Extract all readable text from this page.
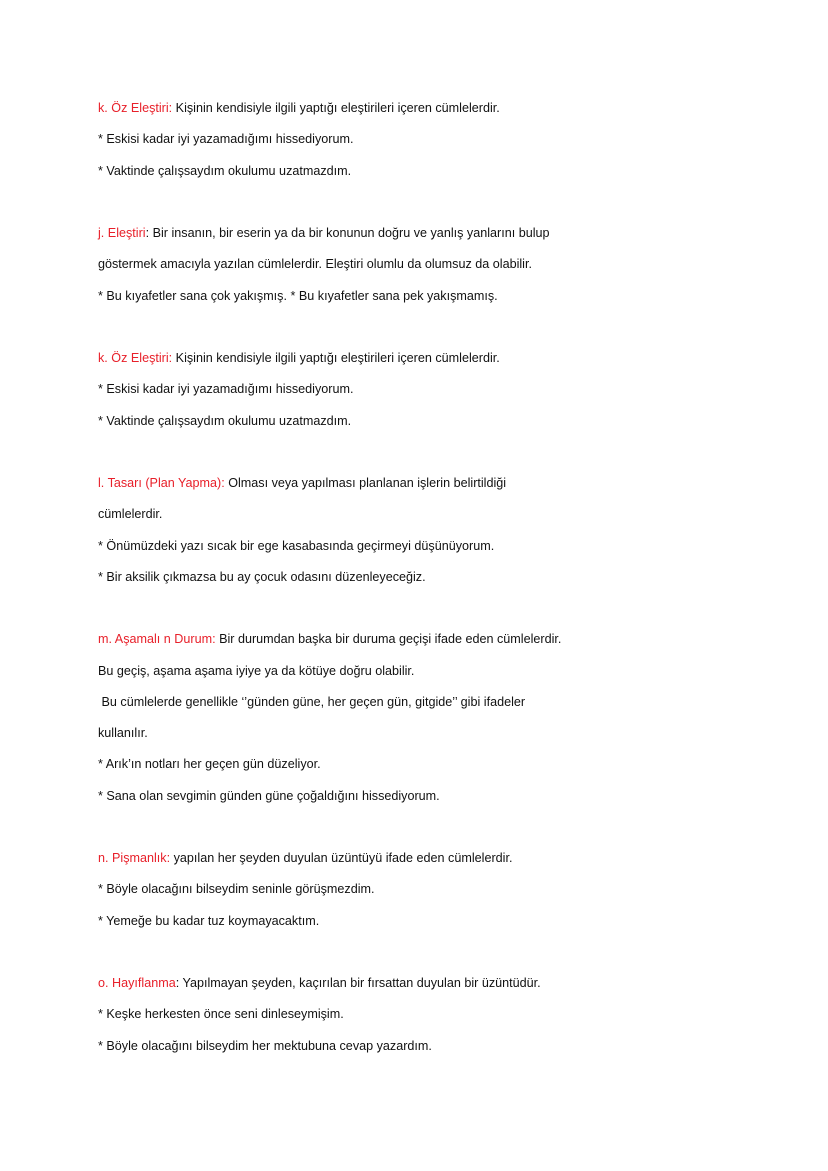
k. Öz Eleştiri: Kişinin kendisiyle ilgili yaptığı eleştirileri içeren cümlelerdir.
* Eskisi kadar iyi yazamadığımı hissediyorum.
* Vaktinde çalışsaydım okulumu uzatmazdım.
j. Eleştiri: Bir insanın, bir eserin ya da bir konunun doğru ve yanlış yanlarını bulup
göstermek amacıyla yazılan cümlelerdir. Eleştiri olumlu da olumsuz da olabilir.
* Bu kıyafetler sana çok yakışmış. * Bu kıyafetler sana pek yakışmamış.
k. Öz Eleştiri: Kişinin kendisiyle ilgili yaptığı eleştirileri içeren cümlelerdir.
* Eskisi kadar iyi yazamadığımı hissediyorum.
* Vaktinde çalışsaydım okulumu uzatmazdım.
l. Tasarı (Plan Yapma): Olması veya yapılması planlanan işlerin belirtildiği
cümlelerdir.
* Önümüzdeki yazı sıcak bir ege kasabasında geçirmeyi düşünüyorum.
* Bir aksilik çıkmazsa bu ay çocuk odasını düzenleyeceğiz.
m. Aşamalı n Durum: Bir durumdan başka bir duruma geçişi ifade eden cümlelerdir.
Bu geçiş, aşama aşama iyiye ya da kötüye doğru olabilir.
Bu cümlelerde genellikle ‘’günden güne, her geçen gün, gitgide’’ gibi ifadeler
kullanılır.
* Arık’ın notları her geçen gün düzeliyor.
* Sana olan sevgimin günden güne çoğaldığını hissediyorum.
n. Pişmanlık: yapılan her şeyden duyulan üzüntüyü ifade eden cümlelerdir.
* Böyle olacağını bilseydim seninle görüşmezdim.
* Yemeğe bu kadar tuz koymayacaktım.
o. Hayıflanma: Yapılmayan şeyden, kaçırılan bir fırsattan duyulan bir üzüntüdür.
* Keşke herkesten önce seni dinleseymişim.
* Böyle olacağını bilseydim her mektubuna cevap yazardım.
